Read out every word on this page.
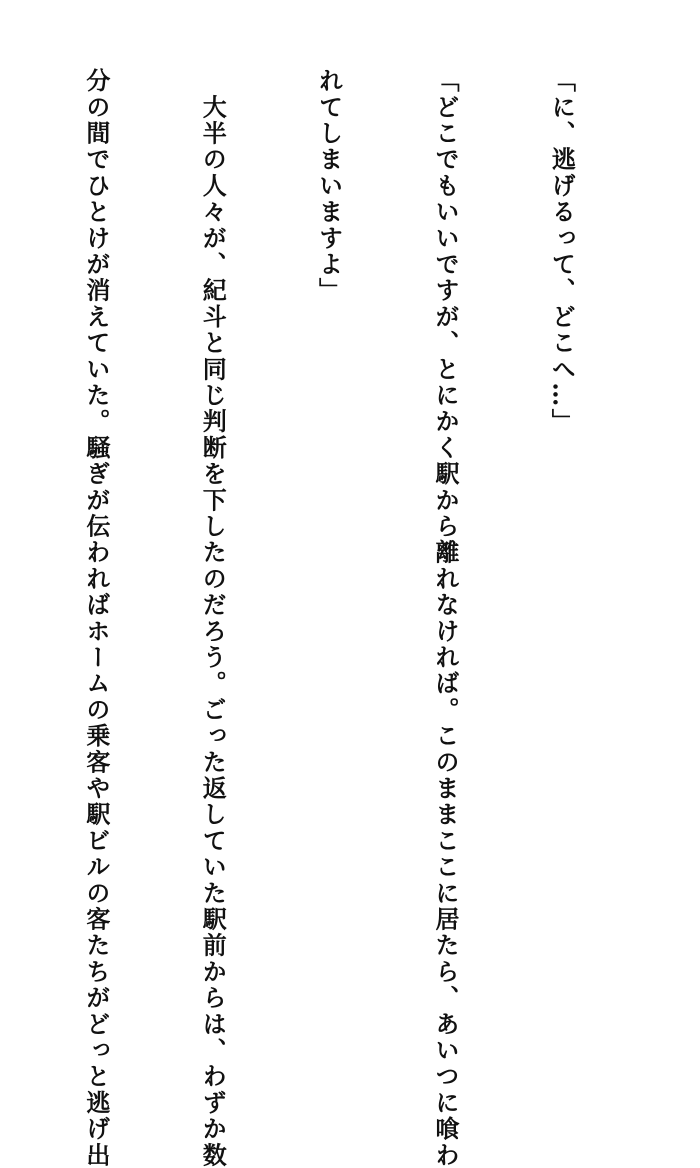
「に、逃げるって、どこへ…」

「どこでもいいですが、とにかく駅から離れなければ。このままここに居たら、あいつに喰わ

れてしまいますよ」

　大半の人々が、紀斗と同じ判断を下したのだろう。ごった返していた駅前からは、わずか数

分の間でひとけが消えていた。騒ぎが伝わればホームの乗客や駅ビルの客たちがどっと逃げ出
